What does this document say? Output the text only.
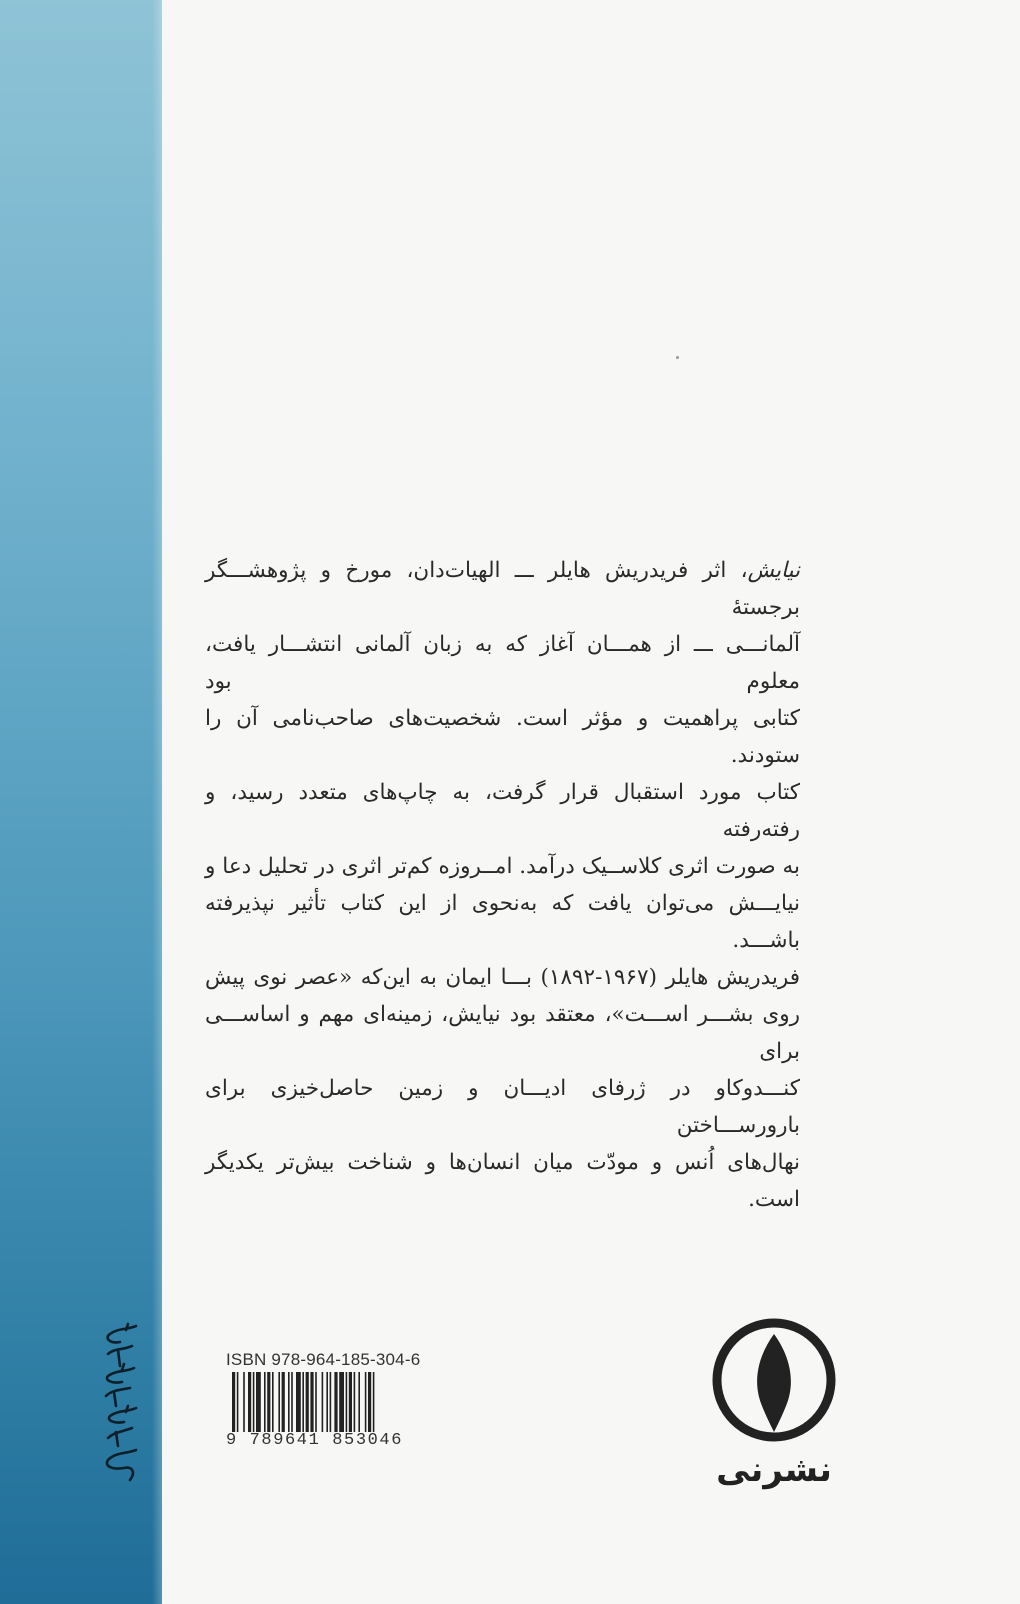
نیایش، اثر فریدریش هایلر ـــ الهیات‌دان، مورخ و پژوهشـــگر برجستهٔ

آلمانـــی ـــ از همـــان آغاز که به زبان آلمانی انتشـــار یافت، معلوم بود

کتابی پراهمیت و مؤثر است. شخصیت‌های صاحب‌نامی آن را ستودند.

کتاب مورد استقبال قرار گرفت، به چاپ‌های متعدد رسید، و رفته‌رفته

به صورت اثری کلاســیک درآمد. امــروزه کم‌تر اثری در تحلیل دعا و

نیایـــش می‌توان یافت که به‌نحوی از این کتاب تأثیر نپذیرفته باشـــد.

فریدریش هایلر (۱۹۶۷-۱۸۹۲) بـــا ایمان به این‌که «عصر نوی پیش

روی بشـــر اســـت»، معتقد بود نیایش، زمینه‌ای مهم و اساســـی برای

کنـــدوکاو در ژرفای ادیـــان و زمین حاصل‌خیزی برای بارورســـاختن

نهال‌های اُنس و مودّت میان انسان‌ها و شناخت بیش‌تر یکدیگر است.

ISBN 978-964-185-304-6
9 789641 853046
نشرنی
